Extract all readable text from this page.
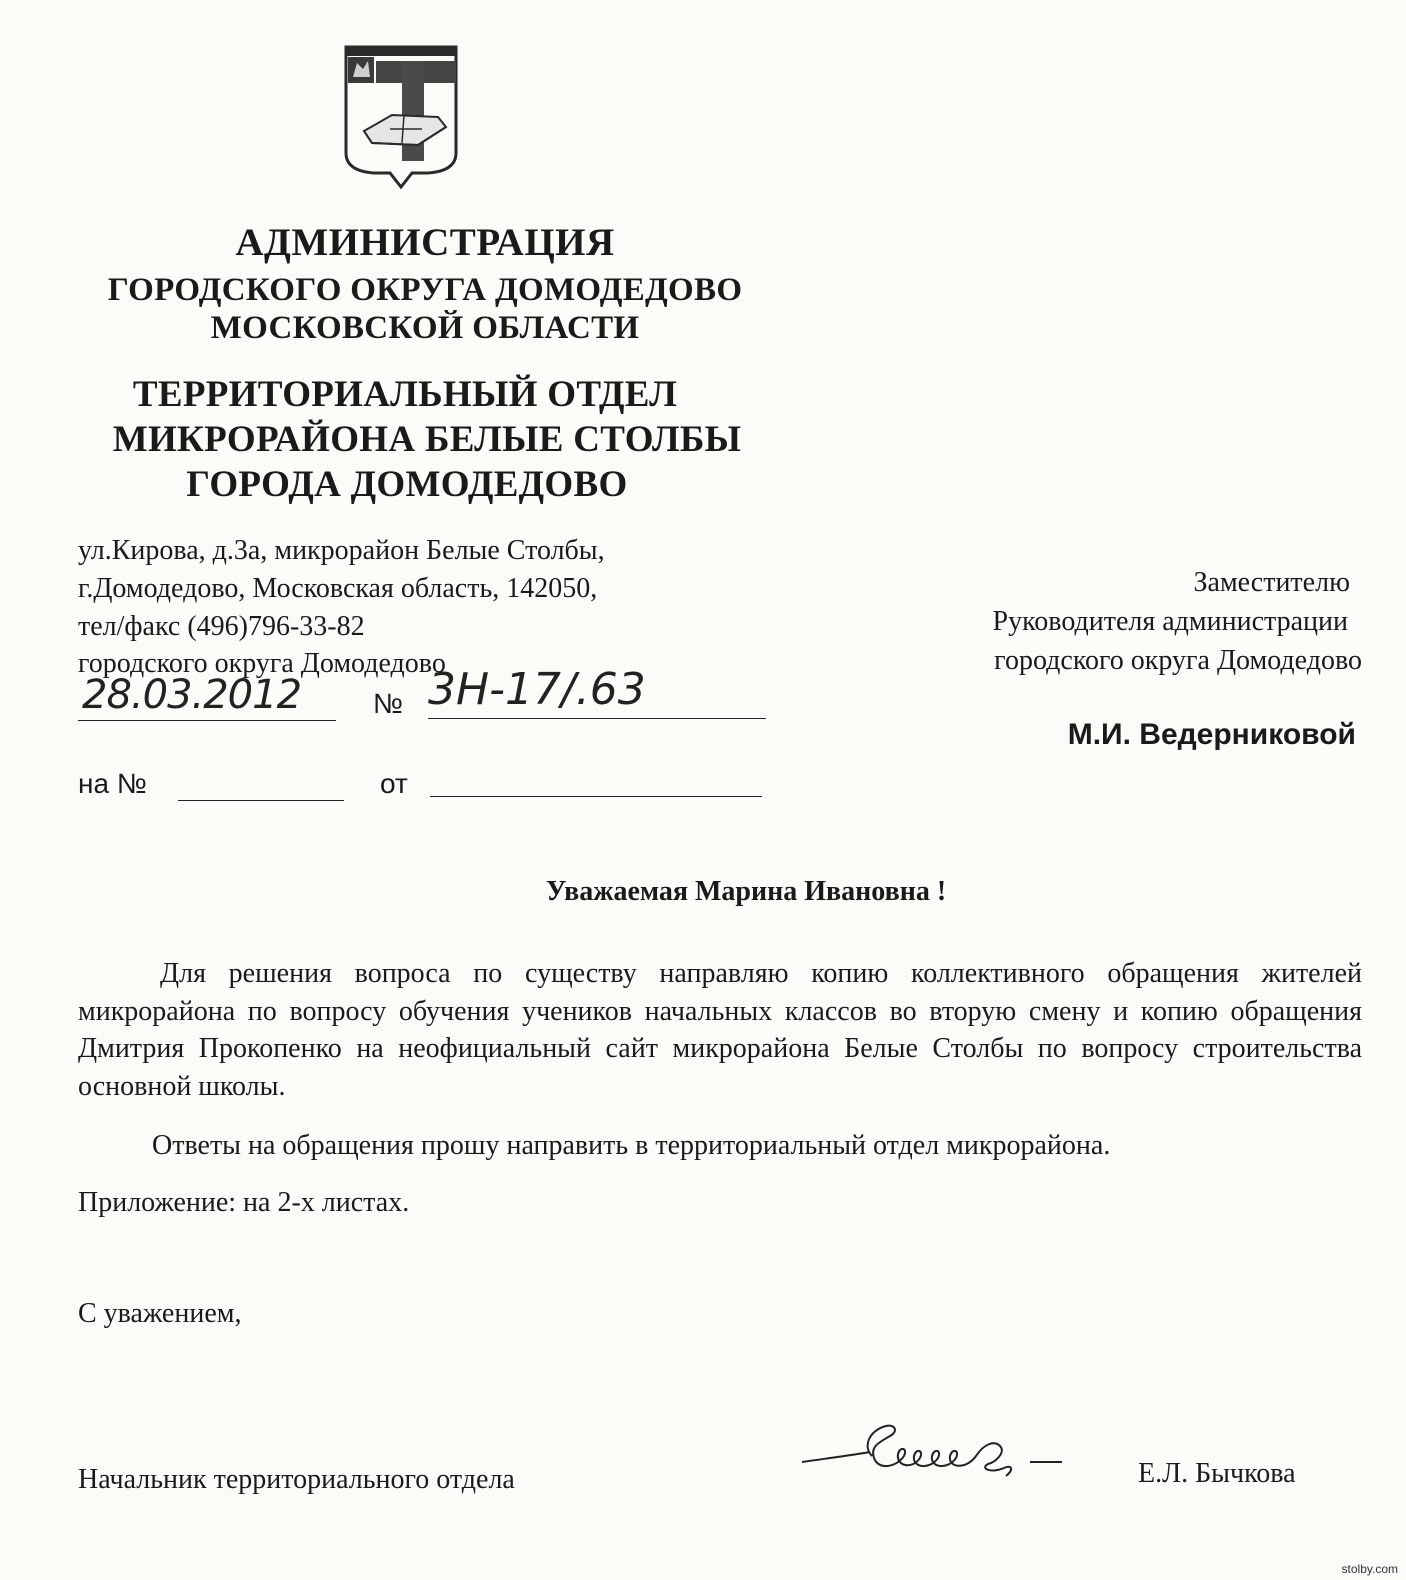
АДМИНИСТРАЦИЯ
ГОРОДСКОГО ОКРУГА ДОМОДЕДОВО
МОСКОВСКОЙ ОБЛАСТИ
ТЕРРИТОРИАЛЬНЫЙ ОТДЕЛ
МИКРОРАЙОНА БЕЛЫЕ СТОЛБЫ
ГОРОДА ДОМОДЕДОВО
ул.Кирова, д.3а, микрорайон Белые Столбы,
г.Домодедово, Московская область, 142050,
тел/факс (496)796-33-82
городского округа Домодедово
28.03.2012	№ 3Н-17/.63
на №	от
Заместителю
Руководителя администрации
городского округа Домодедово
М.И. Ведерниковой
Уважаемая Марина Ивановна !

Для решения вопроса по существу направляю копию коллективного обращения жителей микрорайона по вопросу обучения учеников начальных классов во вторую смену и копию обращения Дмитрия Прокопенко на неофициальный сайт микрорайона Белые Столбы по вопросу строительства основной школы.

Ответы на обращения прошу направить в территориальный отдел микрорайона.
Приложение: на 2-х листах.
С уважением,
Начальник территориального отдела	Е.Л. Бычкова
stolby.com
